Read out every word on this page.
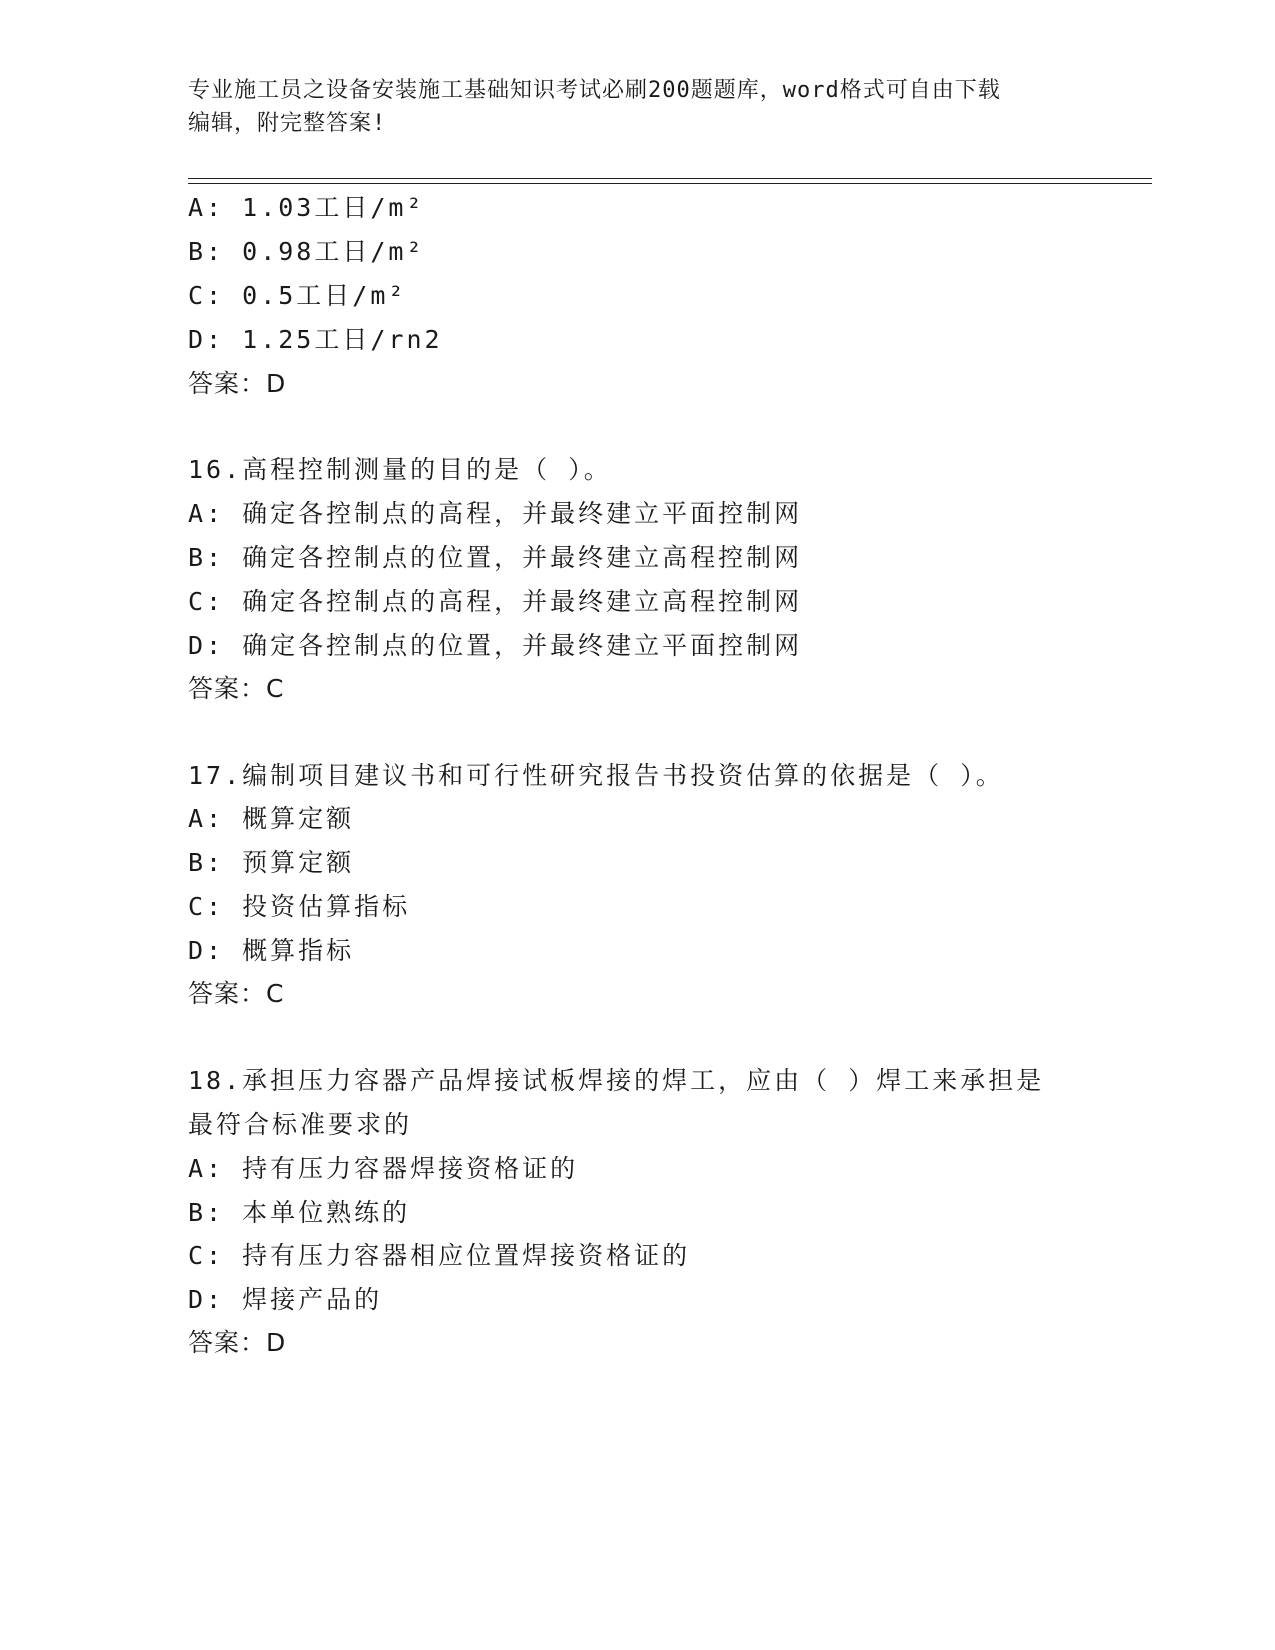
专业施工员之设备安装施工基础知识考试必刷200题题库，word格式可自由下载
编辑，附完整答案!
A: 1.03工日/m²
B: 0.98工日/m²
C: 0.5工日/m²
D: 1.25工日/rn2
答案：D
16.高程控制测量的目的是（ ）。
A: 确定各控制点的高程，并最终建立平面控制网
B: 确定各控制点的位置，并最终建立高程控制网
C: 确定各控制点的高程，并最终建立高程控制网
D: 确定各控制点的位置，并最终建立平面控制网
答案：C
17.编制项目建议书和可行性研究报告书投资估算的依据是（ ）。
A: 概算定额
B: 预算定额
C: 投资估算指标
D: 概算指标
答案：C
18.承担压力容器产品焊接试板焊接的焊工，应由（ ）焊工来承担是
最符合标准要求的
A: 持有压力容器焊接资格证的
B: 本单位熟练的
C: 持有压力容器相应位置焊接资格证的
D: 焊接产品的
答案：D
